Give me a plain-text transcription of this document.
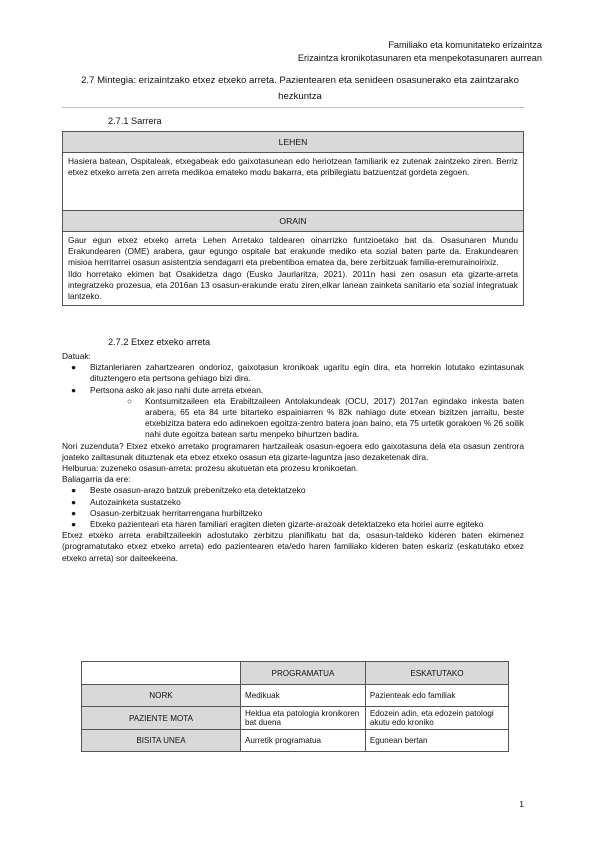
Familiako eta komunitateko erizaintza
Erizaintza kronikotasunaren eta menpekotasunaren aurrean
2.7 Mintegia: erizaintzako etxez etxeko arreta. Pazientearen eta senideen osasunerako eta zaintzarako hezkuntza
2.7.1 Sarrera
LEHEN
Hasiera batean, Ospitaleak, etxegabeak edo gaixotasunean edo heriotzean familiarik ez zutenak zaintzeko ziren. Berriz etxez etxeko arreta zen arreta medikoa emateko modu bakarra, eta pribilegiatu batzuentzat gordeta zegoen.
ORAIN
Gaur egun etxez etxeko arreta Lehen Arretako taldearen oinarrizko funtzioetako bat da. Osasunaren Mundu Erakundearen (OME) arabera, gaur egungo ospitale bat erakunde mediko eta sozial baten parte da. Erakundearen misioa herritarrei osasun asistentzia sendagarri eta prebentiboa ematea da, bere zerbitzuak familia-eremurainoirixiz.
Ildo horretako ekimen bat Osakidetza dago (Eusko Jaurlaritza, 2021). 2011n hasi zen osasun eta gizarte-arreta integratzeko prozesua, eta 2016an 13 osasun-erakunde eratu ziren,elkar lanean zainketa sanitario eta sozial integratuak lantzeko.
2.7.2 Etxez etxeko arreta

Datuak:

● Biztanleriaren zahartzearen ondorioz, gaixotasun kronikoak ugaritu egin dira, eta horrekin lotutako ezintasunak dituztengero eta pertsona gehiago bizi dira.
● Pertsona asko ak jaso nahi dute arreta etxean.
○ Kontsumitzaileen eta Erabiltzaileen Antolakundeak (OCU, 2017) 2017an egindako inkesta baten arabera, 65 eta 84 urte bitarteko espainiarren % 82k nahiago dute etxean bizitzen jarraitu, beste etxebizitza batera edo adinekoen egoitza-zentro batera joan baino, eta 75 urtetik gorakoen % 26 soilik nahi dute egoitza batean sartu menpeko bihurtzen badira.

Nori zuzenduta? Etxez etxeko arretako programaren hartzaileak osasun-egoera edo gaixotasuna dela eta osasun zentrora joateko zailtasunak dituztenak eta etxez etxeko osasun eta gizarte-laguntza jaso dezaketenak dira.

Helburua: zuzeneko osasun-arreta: prozesu akutuetan eta prozesu kronikoetan.

Baliagarria da ere:

● Beste osasun-arazo batzuk prebenitzeko eta detektatzeko
● Autozainketa sustatzeko
● Osasun-zerbitzuak herritarrengana hurbiltzeko
● Etxeko pazienteari eta haren familiari eragiten dieten gizarte-arazoak detektatzeko eta horiei aurre egiteko

Etxez etxeko arreta erabiltzaileekin adostutako zerbitzu planifikatu bat da, osasun-taldeko kideren baten ekimenez (programatutako etxez etxeko arreta) edo pazientearen eta/edo haren familiako kideren baten eskariz (eskatutako etxez etxeko arreta) sor daiteekeena.

	PROGRAMATUA	ESKATUTAKO
NORK	Medikuak	Pazienteak edo familiak
PAZIENTE MOTA	Heldua eta patologia kronikoren bat duena	Edozein adin, eta edozein patologi akutu edo kroniko
BISITA UNEA	Aurretik programatua	Egunean bertan
1
